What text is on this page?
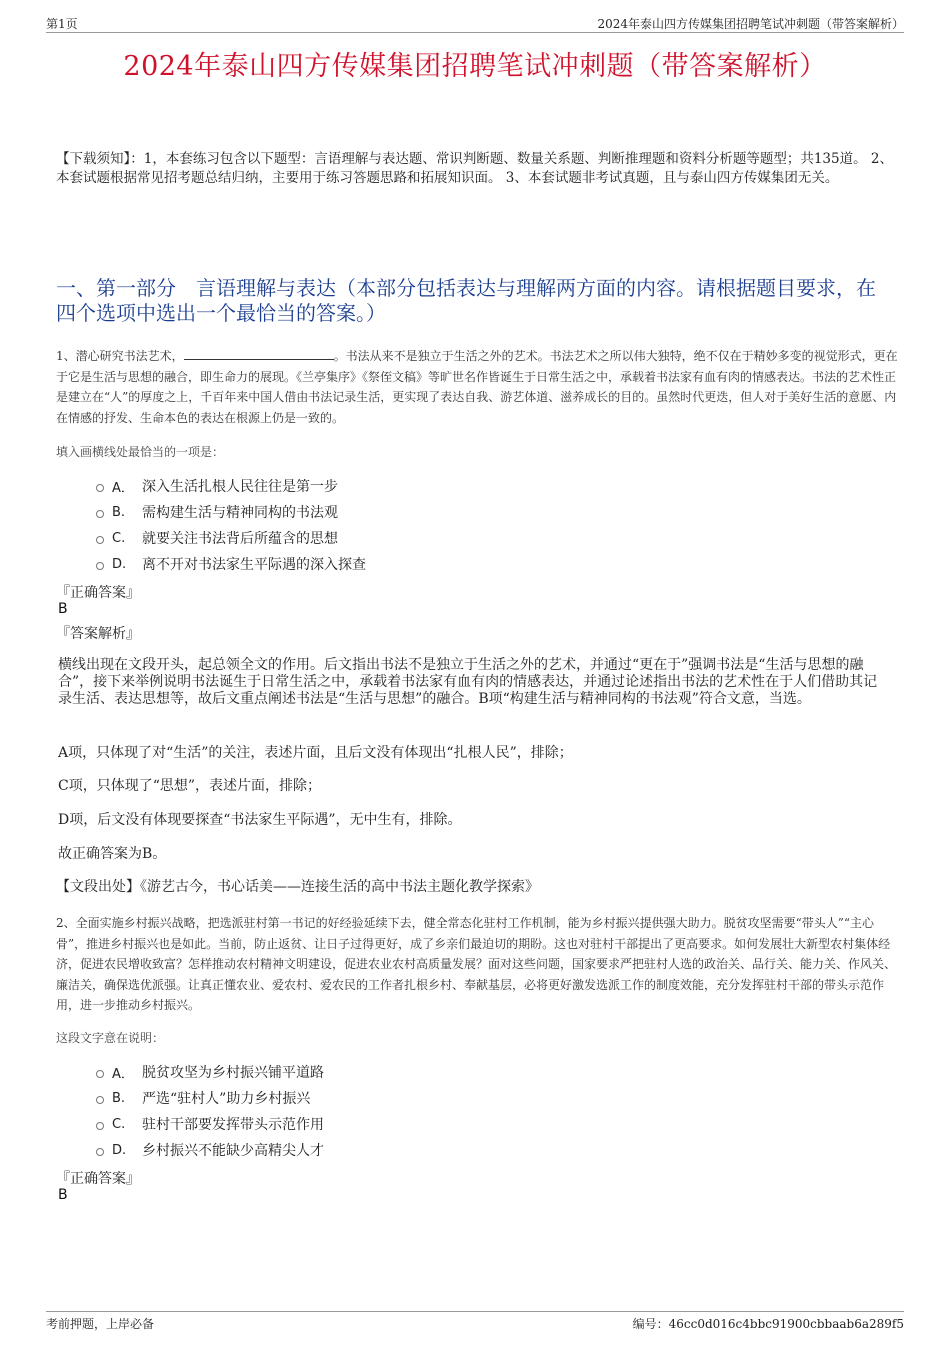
第1页	2024年泰山四方传媒集团招聘笔试冲刺题（带答案解析）
2024年泰山四方传媒集团招聘笔试冲刺题（带答案解析）
【下载须知】：1，本套练习包含以下题型：言语理解与表达题、常识判断题、数量关系题、判断推理题和资料分析题等题型；共135道。 2、本套试题根据常见招考题总结归纳，主要用于练习答题思路和拓展知识面。 3、本套试题非考试真题，且与泰山四方传媒集团无关。
一、第一部分　言语理解与表达（本部分包括表达与理解两方面的内容。请根据题目要求，在四个选项中选出一个最恰当的答案。）
1、潜心研究书法艺术，	。书法从来不是独立于生活之外的艺术。书法艺术之所以伟大独特，绝不仅在于精妙多变的视觉形式，更在于它是生活与思想的融合，即生命力的展现。《兰亭集序》《祭侄文稿》等旷世名作皆诞生于日常生活之中，承载着书法家有血有肉的情感表达。书法的艺术性正是建立在“人”的厚度之上，千百年来中国人借由书法记录生活，更实现了表达自我、游艺体道、滋养成长的目的。虽然时代更迭，但人对于美好生活的意愿、内在情感的抒发、生命本色的表达在根源上仍是一致的。
填入画横线处最恰当的一项是：
A． 深入生活扎根人民往往是第一步
B.	需构建生活与精神同构的书法观
C.	就要关注书法背后所蕴含的思想
D.	离不开对书法家生平际遇的深入探查
『正确答案』
B
『答案解析』
横线出现在文段开头，起总领全文的作用。后文指出书法不是独立于生活之外的艺术，并通过“更在于”强调书法是“生活与思想的融合”，接下来举例说明书法诞生于日常生活之中，承载着书法家有血有肉的情感表达，并通过论述指出书法的艺术性在于人们借助其记录生活、表达思想等，故后文重点阐述书法是“生活与思想”的融合。B项“构建生活与精神同构的书法观”符合文意，当选。
A项，只体现了对“生活”的关注，表述片面，且后文没有体现出“扎根人民”，排除；
C项，只体现了“思想”，表述片面，排除；
D项，后文没有体现要探查“书法家生平际遇”，无中生有，排除。
故正确答案为B。
【文段出处】《游艺古今，书心话美——连接生活的高中书法主题化教学探索》
2、全面实施乡村振兴战略，把选派驻村第一书记的好经验延续下去，健全常态化驻村工作机制，能为乡村振兴提供强大助力。脱贫攻坚需要“带头人”“主心骨”，推进乡村振兴也是如此。当前，防止返贫、让日子过得更好，成了乡亲们最迫切的期盼。这也对驻村干部提出了更高要求。如何发展壮大新型农村集体经济，促进农民增收致富？怎样推动农村精神文明建设，促进农业农村高质量发展？面对这些问题，国家要求严把驻村人选的政治关、品行关、能力关、作风关、廉洁关，确保选优派强。让真正懂农业、爱农村、爱农民的工作者扎根乡村、奉献基层，必将更好激发选派工作的制度效能，充分发挥驻村干部的带头示范作用，进一步推动乡村振兴。
这段文字意在说明：
A． 脱贫攻坚为乡村振兴铺平道路
B.	严选“驻村人”助力乡村振兴
C.	驻村干部要发挥带头示范作用
D.	乡村振兴不能缺少高精尖人才
『正确答案』
B
考前押题，上岸必备	编号：46cc0d016c4bbc91900cbbaab6a289f5
